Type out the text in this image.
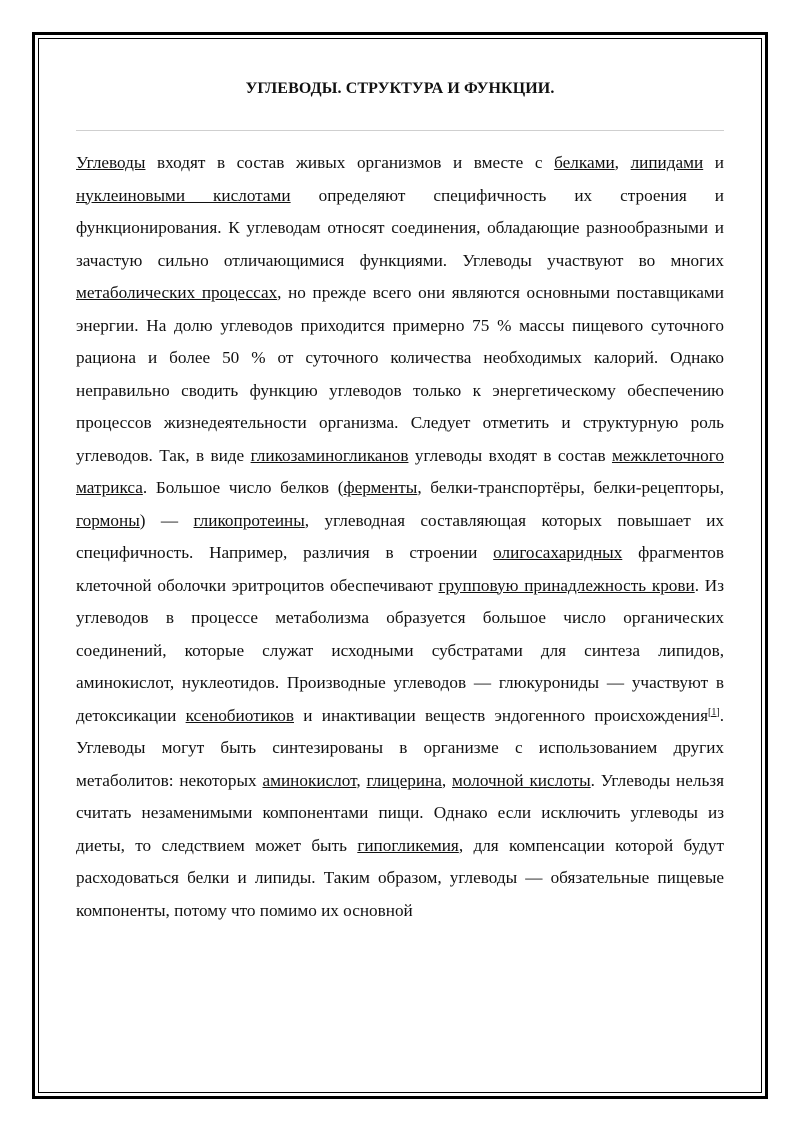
УГЛЕВОДЫ. СТРУКТУРА И ФУНКЦИИ.

Углеводы входят в состав живых организмов и вместе с белками, липидами и нуклеиновыми кислотами определяют специфичность их строения и функционирования. К углеводам относят соединения, обладающие разнообразными и зачастую сильно отличающимися функциями. Углеводы участвуют во многих метаболических процессах, но прежде всего они являются основными поставщиками энергии. На долю углеводов приходится примерно 75 % массы пищевого суточного рациона и более 50 % от суточного количества необходимых калорий. Однако неправильно сводить функцию углеводов только к энергетическому обеспечению процессов жизнедеятельности организма. Следует отметить и структурную роль углеводов. Так, в виде гликозаминогликанов углеводы входят в состав межклеточного матрикса. Большое число белков (ферменты, белки-транспортёры, белки-рецепторы, гормоны) — гликопротеины, углеводная составляющая которых повышает их специфичность. Например, различия в строении олигосахаридных фрагментов клеточной оболочки эритроцитов обеспечивают групповую принадлежность крови. Из углеводов в процессе метаболизма образуется большое число органических соединений, которые служат исходными субстратами для синтеза липидов, аминокислот, нуклеотидов. Производные углеводов — глюкурониды — участвуют в детоксикации ксенобиотиков и инактивации веществ эндогенного происхождения[1]. Углеводы могут быть синтезированы в организме с использованием других метаболитов: некоторых аминокислот, глицерина, молочной кислоты. Углеводы нельзя считать незаменимыми компонентами пищи. Однако если исключить углеводы из диеты, то следствием может быть гипогликемия, для компенсации которой будут расходоваться белки и липиды. Таким образом, углеводы — обязательные пищевые компоненты, потому что помимо их основной
